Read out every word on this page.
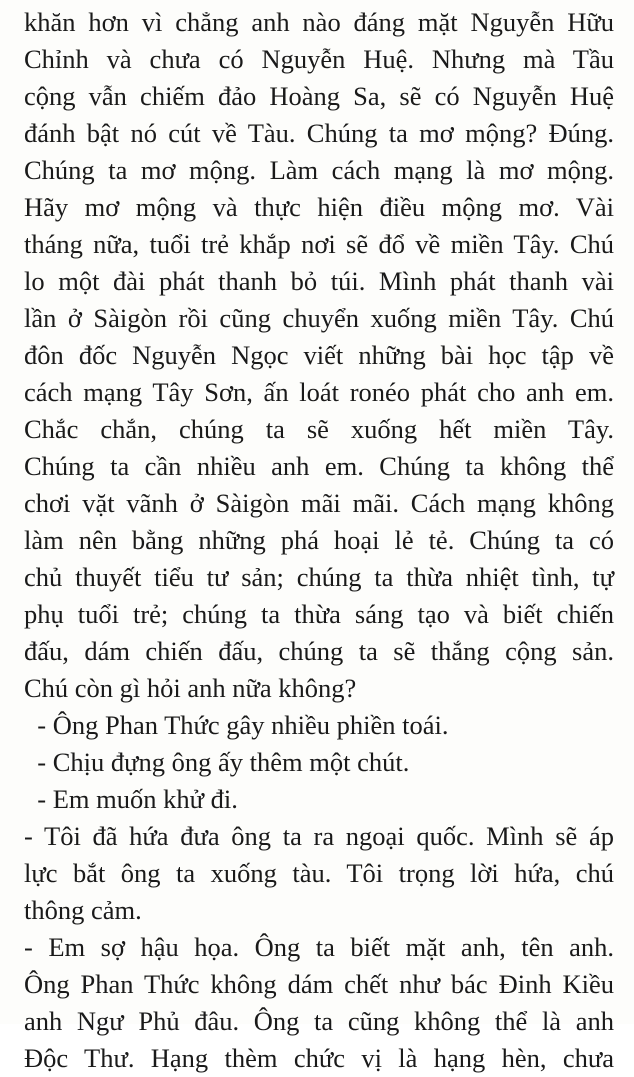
khăn hơn vì chẳng anh nào đáng mặt Nguyễn Hữu
Chỉnh và chưa có Nguyễn Huệ. Nhưng mà Tầu
cộng vẫn chiếm đảo Hoàng Sa, sẽ có Nguyễn Huệ
đánh bật nó cút về Tàu. Chúng ta mơ mộng? Đúng.
Chúng ta mơ mộng. Làm cách mạng là mơ mộng.
Hãy mơ mộng và thực hiện điều mộng mơ. Vài
tháng nữa, tuổi trẻ khắp nơi sẽ đổ về miền Tây. Chú
lo một đài phát thanh bỏ túi. Mình phát thanh vài
lần ở Sàigòn rồi cũng chuyển xuống miền Tây. Chú
đôn đốc Nguyễn Ngọc viết những bài học tập về
cách mạng Tây Sơn, ấn loát ronéo phát cho anh em.
Chắc chắn, chúng ta sẽ xuống hết miền Tây.
Chúng ta cần nhiều anh em. Chúng ta không thể
chơi vặt vãnh ở Sàigòn mãi mãi. Cách mạng không
làm nên bằng những phá hoại lẻ tẻ. Chúng ta có
chủ thuyết tiểu tư sản; chúng ta thừa nhiệt tình, tự
phụ tuổi trẻ; chúng ta thừa sáng tạo và biết chiến
đấu, dám chiến đấu, chúng ta sẽ thắng cộng sản.
Chú còn gì hỏi anh nữa không?
- Ông Phan Thức gây nhiều phiền toái.
- Chịu đựng ông ấy thêm một chút.
- Em muốn khử đi.
- Tôi đã hứa đưa ông ta ra ngoại quốc. Mình sẽ áp
lực bắt ông ta xuống tàu. Tôi trọng lời hứa, chú
thông cảm.
- Em sợ hậu họa. Ông ta biết mặt anh, tên anh.
Ông Phan Thức không dám chết như bác Đinh Kiều
anh Ngư Phủ đâu. Ông ta cũng không thể là anh
Độc Thư. Hạng thèm chức vị là hạng hèn, chưa
